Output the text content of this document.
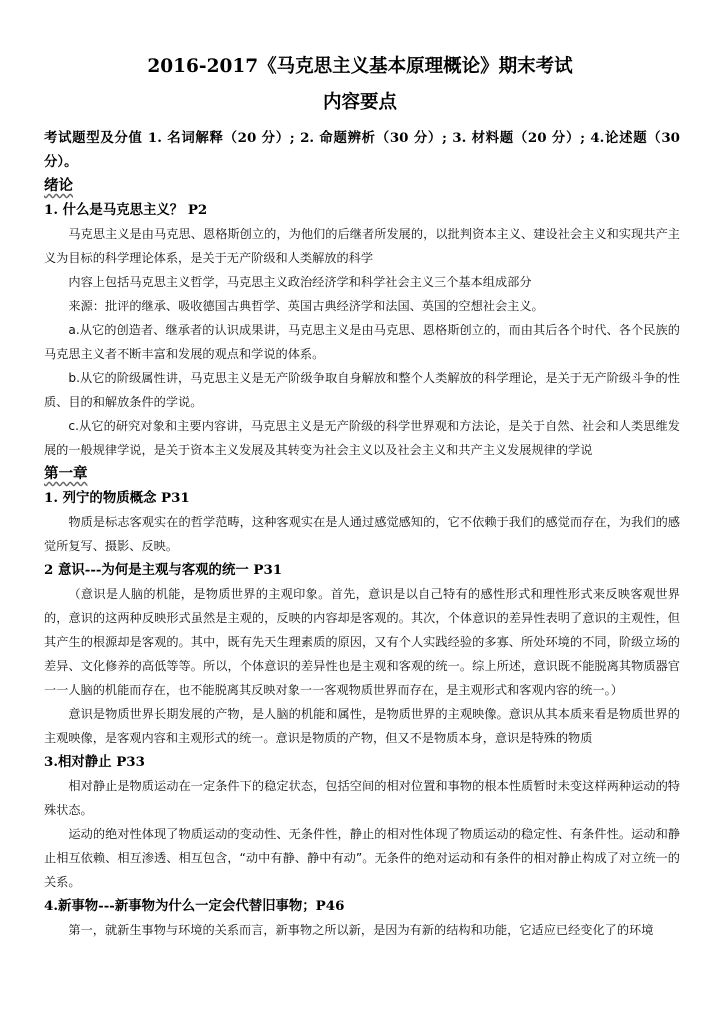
2016-2017《马克思主义基本原理概论》期末考试
内容要点

考试题型及分值 1. 名词解释（20 分）; 2. 命题辨析（30 分）; 3. 材料题（20 分）; 4.论述题（30 分）。

绪论

1. 什么是马克思主义？ P2

马克思主义是由马克思、恩格斯创立的，为他们的后继者所发展的，以批判资本主义、建设社会主义和实现共产主义为目标的科学理论体系，是关于无产阶级和人类解放的科学

内容上包括马克思主义哲学，马克思主义政治经济学和科学社会主义三个基本组成部分

来源：批评的继承、吸收德国古典哲学、英国古典经济学和法国、英国的空想社会主义。

a.从它的创造者、继承者的认识成果讲，马克思主义是由马克思、恩格斯创立的，而由其后各个时代、各个民族的马克思主义者不断丰富和发展的观点和学说的体系。

b.从它的阶级属性讲，马克思主义是无产阶级争取自身解放和整个人类解放的科学理论，是关于无产阶级斗争的性质、目的和解放条件的学说。

c.从它的研究对象和主要内容讲，马克思主义是无产阶级的科学世界观和方法论，是关于自然、社会和人类思维发展的一般规律学说，是关于资本主义发展及其转变为社会主义以及社会主义和共产主义发展规律的学说

第一章

1. 列宁的物质概念 P31

物质是标志客观实在的哲学范畴，这种客观实在是人通过感觉感知的，它不依赖于我们的感觉而存在，为我们的感觉所复写、摄影、反映。

2 意识---为何是主观与客观的统一 P31

（意识是人脑的机能，是物质世界的主观印象。首先，意识是以自己特有的感性形式和理性形式来反映客观世界的，意识的这两种反映形式虽然是主观的，反映的内容却是客观的。其次，个体意识的差异性表明了意识的主观性，但其产生的根源却是客观的。其中，既有先天生理素质的原因，又有个人实践经验的多寡、所处环境的不同，阶级立场的差异、文化修养的高低等等。所以，个体意识的差异性也是主观和客观的统一。综上所述，意识既不能脱离其物质器官一一人脑的机能而存在，也不能脱离其反映对象一一客观物质世界而存在，是主观形式和客观内容的统一。）

意识是物质世界长期发展的产物，是人脑的机能和属性，是物质世界的主观映像。意识从其本质来看是物质世界的主观映像，是客观内容和主观形式的统一。意识是物质的产物，但又不是物质本身，意识是特殊的物质

3.相对静止 P33

相对静止是物质运动在一定条件下的稳定状态，包括空间的相对位置和事物的根本性质暂时未变这样两种运动的特殊状态。

运动的绝对性体现了物质运动的变动性、无条件性，静止的相对性体现了物质运动的稳定性、有条件性。运动和静止相互依赖、相互渗透、相互包含，“动中有静、静中有动”。无条件的绝对运动和有条件的相对静止构成了对立统一的关系。

4.新事物---新事物为什么一定会代替旧事物；P46

第一，就新生事物与环境的关系而言，新事物之所以新，是因为有新的结构和功能，它适应已经变化了的环境
